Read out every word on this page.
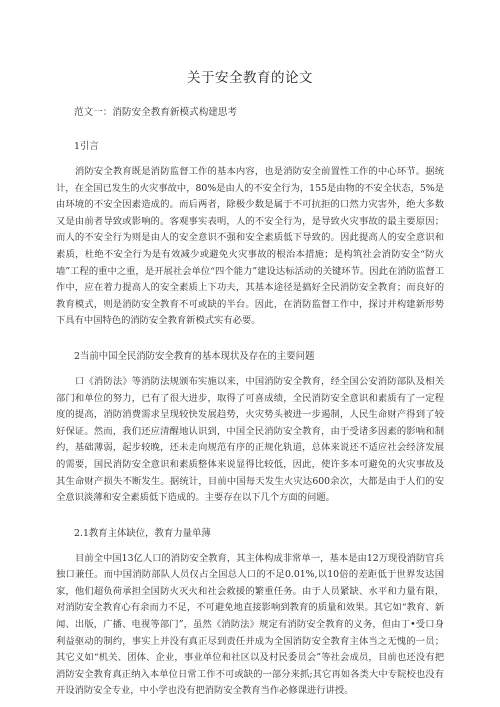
关于安全教育的论文
范文一：消防安全教育新模式构建思考
1引言

消防安全教育既是消防监督工作的基本内容，也是消防安全前置性工作的中心环节。据统计，在全国已发生的火灾事故中，80%是由人的不安全行为，155是由物的不安全状态，5%是由环境的不安全因素造成的。而后两者，除极少数是属于不可抗拒的口然力灾害外，绝大多数又是由前者导致或影响的。客观事实表明，人的不安全行为，是导致火灾事故的最主要原因；而人的不安全行为则是由人的安全意识不强和安全素质低下导致的。因此提高人的安全意识和素质，杜绝不安全行为是有效减少或避免火灾事故的根治本措施；是构筑社会消防安全“防火墙”工程的重中之重，是开展社会单位“四个能力”建设达标活动的关键环节。因此在消防监督工作中，应在着力提高人的安全素质上下功夫，其基本途径是搞好全民消防安全教育；而良好的教育模式，则是消防安全教育不可或缺的半台。因此，在消防监督工作中，探讨并构建新形势下具有中国特色的消防安全教育新模式实有必要。

2当前中国全民消防安全教育的基本现状及存在的主要问题

口《消防法》等消防法规颁布实施以来，中国消防安全教育，经全国公安消防部队及相关部门和单位的努力，已有了很大进步，取得了可喜成绩，全民消防安全意识和素质有了一定程度的提高，消防消费需求呈现较快发展趋势，火灾势头被进一步遏制，人民生命财产得到了较好保证。然而，我们还应清醒地认识到，中国全民消防安全教育，由于受诸多因素的影响和制约，基础薄弱，起步较晚，还未走向规范有序的正规化轨道，总体来说还不适应社会经济发展的需要，国民消防安全意识和素质整体来说显得比较低，因此，使许多本可避免的火灾事故及其生命财产损失不断发生。据统计，目前中国每天发生火灾达600余次，大都是由于人们的安全意识淡薄和安全素质低下造成的。主要存在以下几个方面的问题。

2.1教育主体缺位，教育力量单薄

目前全中国13亿人口的消防安全教育，其主体构成非常单一，基本是由12万现役消防官兵独口兼任。而中国消防部队人员仅占全国总人口的不足0.01%,以10倍的差距低于世界发达国家，他们超负荷承担全国防火灭火和社会救援的繁重任务。由于人员紧缺、水平和力量有限，对消防安全教育心有余而力不足，不可避免地直接影响到教育的质量和效果。其它如“教育、新闻、出版，广播、电视等部门”，虽然《消防法》规定有消防安全教育的义务，但由丁•受口身利益驱动的制约，事实上并没有真正尽到责任并成为全国消防安全教育主体当之无愧的一员；其它义如“机关、团体、企业，事业单位和社区以及村民委员会”等社会成员，目前也还没有把消防安全教育真正纳入本单位日常工作不可或缺的一部分来抓;其它再如各类大中专院校也没有开设消防安全专业，中小学也没有把消防安全教育当作必修课进行讲授。
